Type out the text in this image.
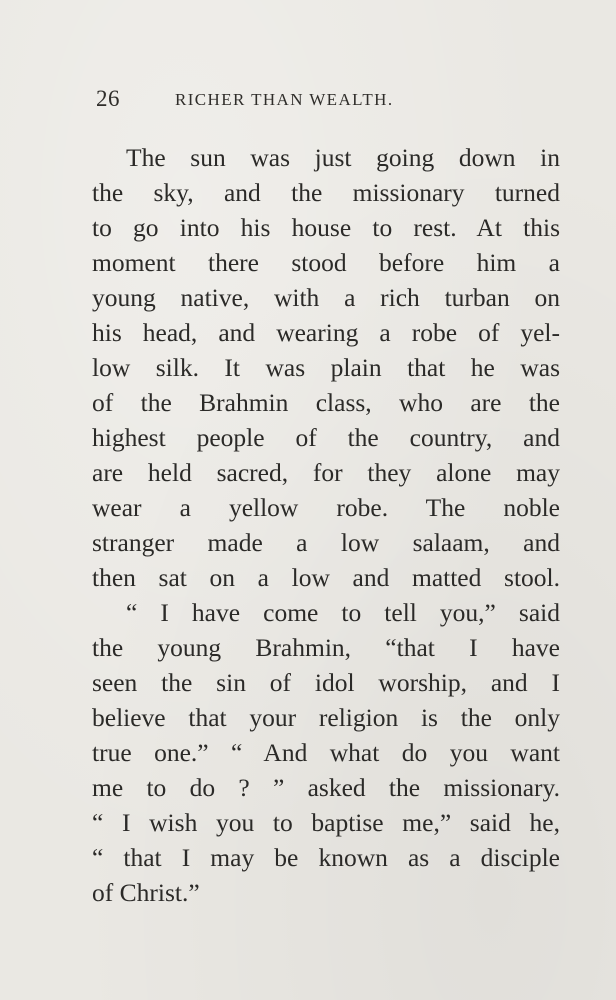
26	RICHER THAN WEALTH.
The sun was just going down in
the sky, and the missionary turned
to go into his house to rest. At this
moment there stood before him a
young native, with a rich turban on
his head, and wearing a robe of yel-
low silk. It was plain that he was
of the Brahmin class, who are the
highest people of the country, and
are held sacred, for they alone may
wear a yellow robe. The noble
stranger made a low salaam, and
then sat on a low and matted stool.
“ I have come to tell you,” said
the young Brahmin, “that I have
seen the sin of idol worship, and I
believe that your religion is the only
true one.” “ And what do you want
me to do ? ” asked the missionary.
“ I wish you to baptise me,” said he,
“ that I may be known as a disciple
of Christ.”
